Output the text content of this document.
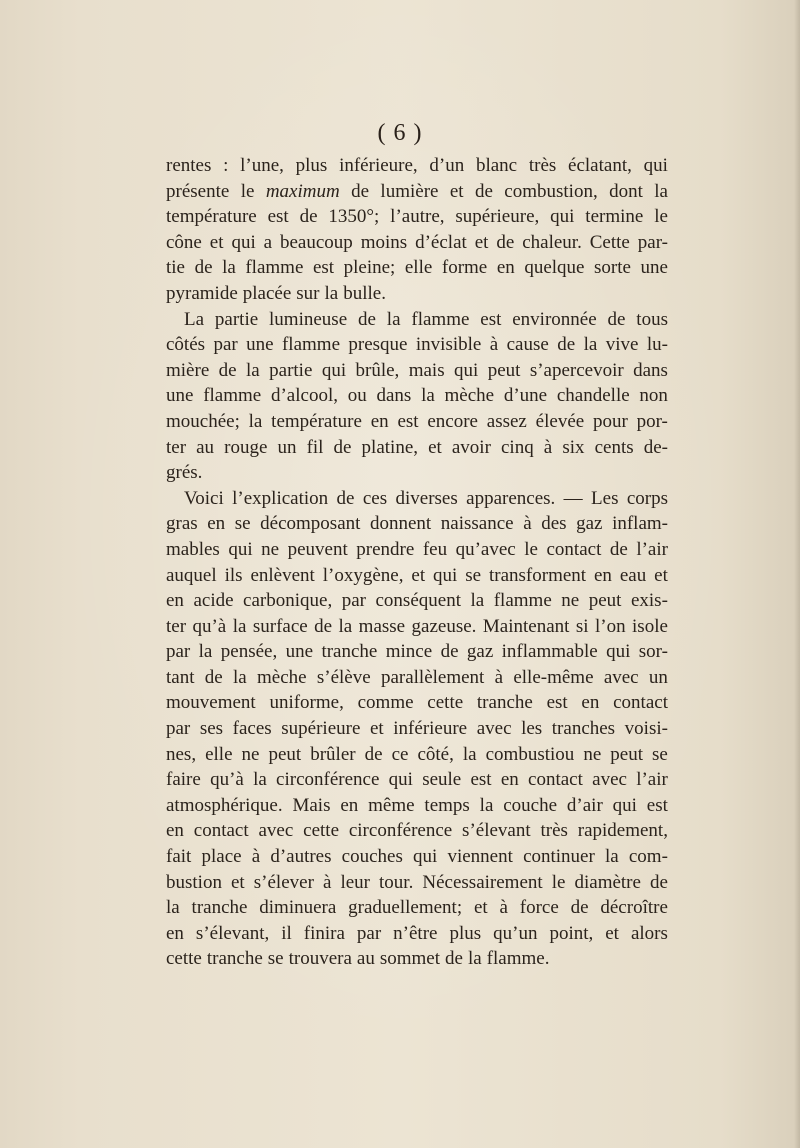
( 6 )
rentes : l’une, plus inférieure, d’un blanc très éclatant, qui
présente le maximum de lumière et de combustion, dont la
température est de 1350°; l’autre, supérieure, qui termine le
cône et qui a beaucoup moins d’éclat et de chaleur. Cette par-
tie de la flamme est pleine; elle forme en quelque sorte une
pyramide placée sur la bulle.
La partie lumineuse de la flamme est environnée de tous
côtés par une flamme presque invisible à cause de la vive lu-
mière de la partie qui brûle, mais qui peut s’apercevoir dans
une flamme d’alcool, ou dans la mèche d’une chandelle non
mouchée; la température en est encore assez élevée pour por-
ter au rouge un fil de platine, et avoir cinq à six cents de-
grés.
Voici l’explication de ces diverses apparences. — Les corps
gras en se décomposant donnent naissance à des gaz inflam-
mables qui ne peuvent prendre feu qu’avec le contact de l’air
auquel ils enlèvent l’oxygène, et qui se transforment en eau et
en acide carbonique, par conséquent la flamme ne peut exis-
ter qu’à la surface de la masse gazeuse. Maintenant si l’on isole
par la pensée, une tranche mince de gaz inflammable qui sor-
tant de la mèche s’élève parallèlement à elle-même avec un
mouvement uniforme, comme cette tranche est en contact
par ses faces supérieure et inférieure avec les tranches voisi-
nes, elle ne peut brûler de ce côté, la combustiou ne peut se
faire qu’à la circonférence qui seule est en contact avec l’air
atmosphérique. Mais en même temps la couche d’air qui est
en contact avec cette circonférence s’élevant très rapidement,
fait place à d’autres couches qui viennent continuer la com-
bustion et s’élever à leur tour. Nécessairement le diamètre de
la tranche diminuera graduellement; et à force de décroître
en s’élevant, il finira par n’être plus qu’un point, et alors
cette tranche se trouvera au sommet de la flamme.
